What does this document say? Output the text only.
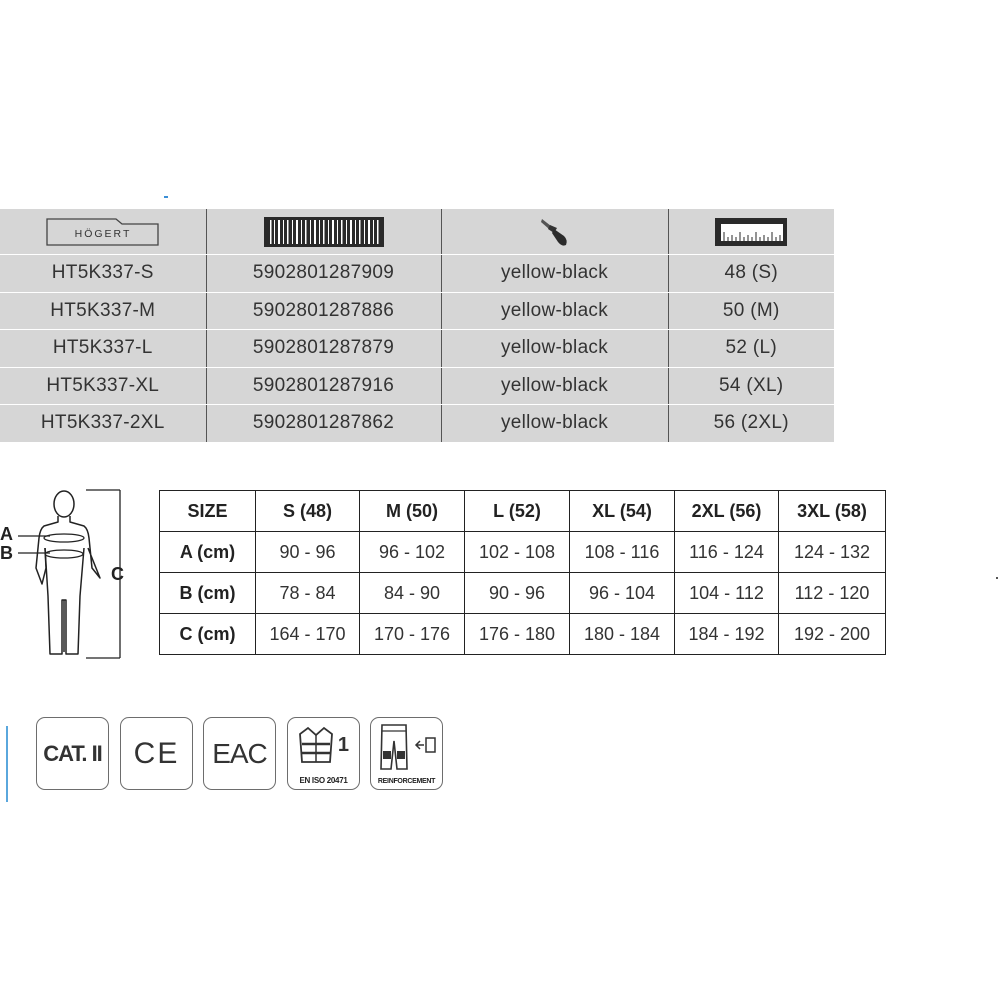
HÖGERT

HT5K337-S	5902801287909	yellow-black	48 (S)
HT5K337-M	5902801287886	yellow-black	50 (M)
HT5K337-L	5902801287879	yellow-black	52 (L)
HT5K337-XL	5902801287916	yellow-black	54 (XL)
HT5K337-2XL	5902801287862	yellow-black	56 (2XL)
A
B
C
SIZE	S (48)	M (50)	L (52)	XL (54)	2XL (56)	3XL (58)
A (cm)	90 - 96	96 - 102	102 - 108	108 - 116	116 - 124	124 - 132
B (cm)	78 - 84	84 - 90	90 - 96	96 - 104	104 - 112	112 - 120
C (cm)	164 - 170	170 - 176	176 - 180	180 - 184	184 - 192	192 - 200
CAT. II CE EAC	1
EN ISO 20471	REINFORCEMENT
